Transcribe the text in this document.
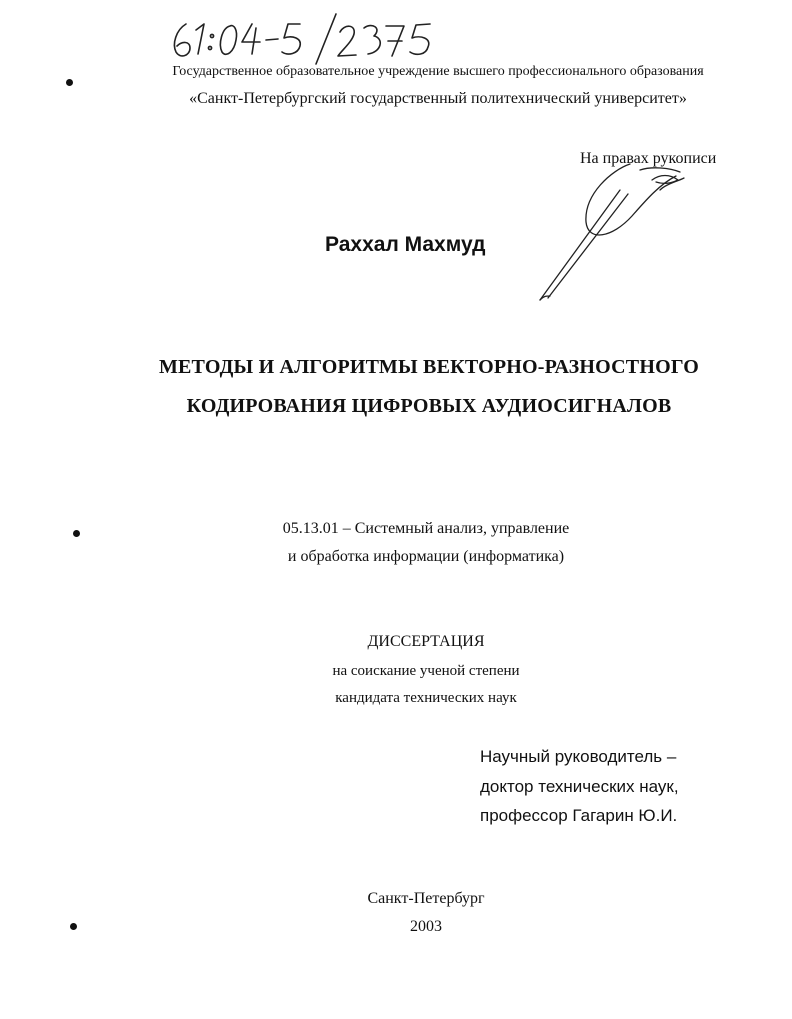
Государственное образовательное учреждение высшего профессионального образования
«Санкт-Петербургский государственный политехнический университет»
На правах рукописи
Раххал Махмуд
МЕТОДЫ И АЛГОРИТМЫ ВЕКТОРНО-РАЗНОСТНОГО
КОДИРОВАНИЯ ЦИФРОВЫХ АУДИОСИГНАЛОВ
05.13.01 – Системный анализ, управление
и обработка информации (информатика)
ДИССЕРТАЦИЯ
на соискание ученой степени
кандидата технических наук
Научный руководитель –
доктор технических наук,
профессор Гагарин Ю.И.
Санкт-Петербург
2003
